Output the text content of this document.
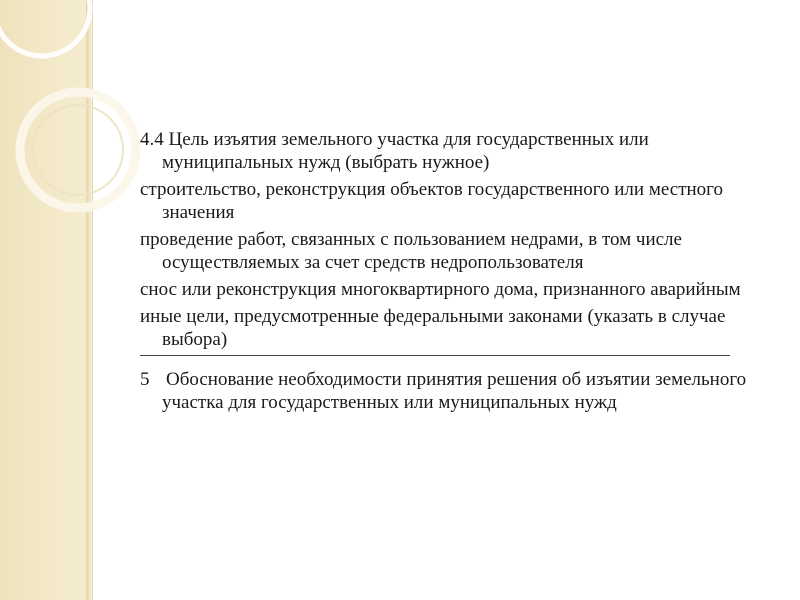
4.4 Цель изъятия земельного участка для государственных или муниципальных нужд (выбрать нужное)

строительство, реконструкция объектов государственного или местного значения

проведение работ, связанных с пользованием недрами, в том числе осуществляемых за счет средств недропользователя

снос или реконструкция многоквартирного дома, признанного аварийным

иные цели, предусмотренные федеральными законами (указать в случае выбора)

5 Обоснование необходимости принятия решения об изъятии земельного участка для государственных или муниципальных нужд
